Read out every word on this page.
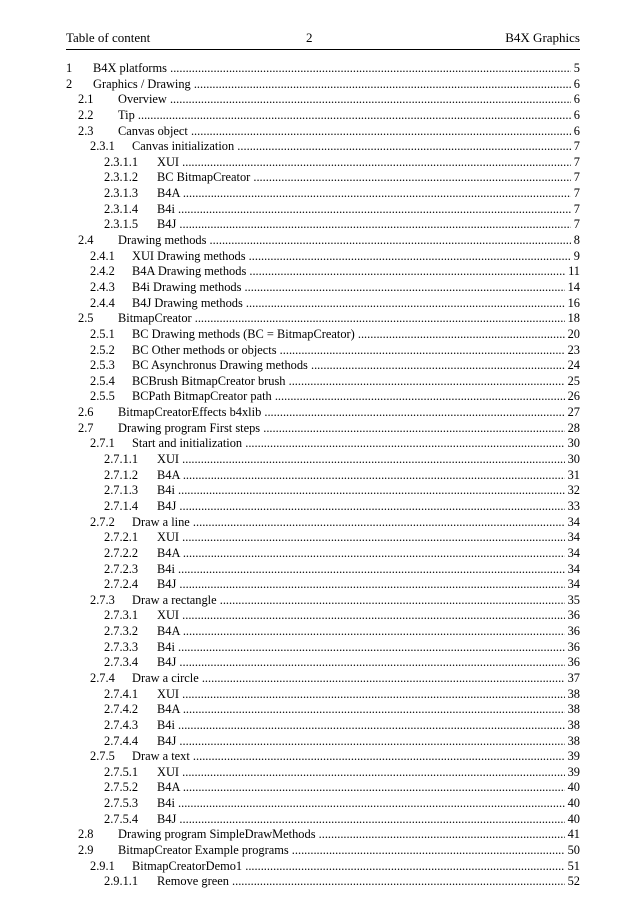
Table of content	2	B4X Graphics
1 B4X platforms .....	5
2 Graphics / Drawing .....	6
2.1 Overview .....	6
2.2 Tip .....	6
2.3 Canvas object .....	6
2.3.1 Canvas initialization .....	7
2.3.1.1 XUI .....	7
2.3.1.2 BC BitmapCreator .....	7
2.3.1.3 B4A .....	7
2.3.1.4 B4i .....	7
2.3.1.5 B4J .....	7
2.4 Drawing methods .....	8
2.4.1 XUI Drawing methods .....	9
2.4.2 B4A Drawing methods .....	11
2.4.3 B4i Drawing methods .....	14
2.4.4 B4J Drawing methods .....	16
2.5 BitmapCreator .....	18
2.5.1 BC Drawing methods (BC = BitmapCreator) .....	20
2.5.2 BC Other methods or objects .....	23
2.5.3 BC Asynchronus Drawing methods .....	24
2.5.4 BCBrush BitmapCreator brush .....	25
2.5.5 BCPath BitmapCreator path .....	26
2.6 BitmapCreatorEffects b4xlib .....	27
2.7 Drawing program First steps .....	28
2.7.1 Start and initialization .....	30
2.7.1.1 XUI .....	30
2.7.1.2 B4A .....	31
2.7.1.3 B4i .....	32
2.7.1.4 B4J .....	33
2.7.2 Draw a line .....	34
2.7.2.1 XUI .....	34
2.7.2.2 B4A .....	34
2.7.2.3 B4i .....	34
2.7.2.4 B4J .....	34
2.7.3 Draw a rectangle .....	35
2.7.3.1 XUI .....	36
2.7.3.2 B4A .....	36
2.7.3.3 B4i .....	36
2.7.3.4 B4J .....	36
2.7.4 Draw a circle .....	37
2.7.4.1 XUI .....	38
2.7.4.2 B4A .....	38
2.7.4.3 B4i .....	38
2.7.4.4 B4J .....	38
2.7.5 Draw a text .....	39
2.7.5.1 XUI .....	39
2.7.5.2 B4A .....	40
2.7.5.3 B4i .....	40
2.7.5.4 B4J .....	40
2.8 Drawing program SimpleDrawMethods .....	41
2.9 BitmapCreator Example programs .....	50
2.9.1 BitmapCreatorDemo1 .....	51
2.9.1.1 Remove green .....	52
